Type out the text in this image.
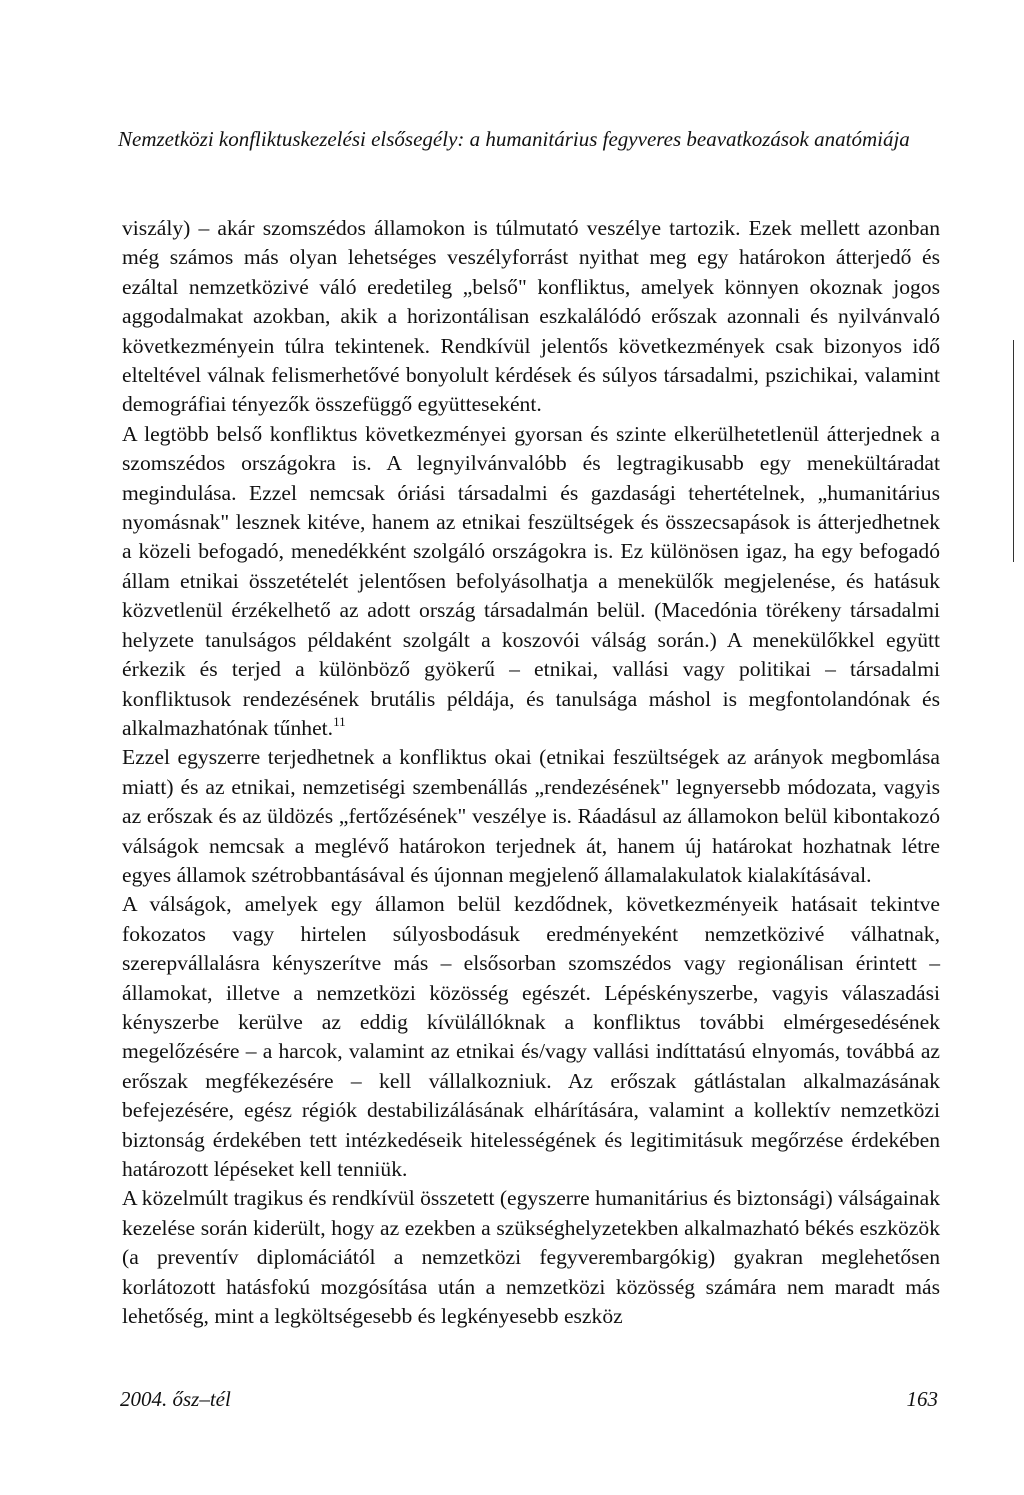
Nemzetközi konfliktuskezelési elsősegély: a humanitárius fegyveres beavatkozások anatómiája

viszály) – akár szomszédos államokon is túlmutató veszélye tartozik. Ezek mellett azonban még számos más olyan lehetséges veszélyforrást nyithat meg egy határokon átterjedő és ezáltal nemzetközivé váló eredetileg „belső" konfliktus, amelyek könnyen okoznak jogos aggodalmakat azokban, akik a horizontálisan eszkalálódó erőszak azonnali és nyilvánvaló következményein túlra tekintenek. Rendkívül jelentős következmények csak bizonyos idő elteltével válnak felismerhetővé bonyolult kérdések és súlyos társadalmi, pszichikai, valamint demográfiai tényezők összefüggő együtteseként.

A legtöbb belső konfliktus következményei gyorsan és szinte elkerülhetetlenül átterjednek a szomszédos országokra is. A legnyilvánvalóbb és legtragikusabb egy menekültáradat megindulása. Ezzel nemcsak óriási társadalmi és gazdasági tehertételnek, „humanitárius nyomásnak" lesznek kitéve, hanem az etnikai feszültségek és összecsapások is átterjedhetnek a közeli befogadó, menedékként szolgáló országokra is. Ez különösen igaz, ha egy befogadó állam etnikai összetételét jelentősen befolyásolhatja a menekülők megjelenése, és hatásuk közvetlenül érzékelhető az adott ország társadalmán belül. (Macedónia törékeny társadalmi helyzete tanulságos példaként szolgált a koszovói válság során.) A menekülőkkel együtt érkezik és terjed a különböző gyökerű – etnikai, vallási vagy politikai – társadalmi konfliktusok rendezésének brutális példája, és tanulsága máshol is megfontolandónak és alkalmazhatónak tűnhet.$^{11}$

Ezzel egyszerre terjedhetnek a konfliktus okai (etnikai feszültségek az arányok megbomlása miatt) és az etnikai, nemzetiségi szembenállás „rendezésének" legnyersebb módozata, vagyis az erőszak és az üldözés „fertőzésének" veszélye is. Ráadásul az államokon belül kibontakozó válságok nemcsak a meglévő határokon terjednek át, hanem új határokat hozhatnak létre egyes államok szétrobbantásával és újonnan megjelenő államalakulatok kialakításával.

A válságok, amelyek egy államon belül kezdődnek, következményeik hatásait tekintve fokozatos vagy hirtelen súlyosbodásuk eredményeként nemzetközivé válhatnak, szerepvállalásra kényszerítve más – elsősorban szomszédos vagy regionálisan érintett – államokat, illetve a nemzetközi közösség egészét. Lépéskényszerbe, vagyis válaszadási kényszerbe kerülve az eddig kívülállóknak a konfliktus további elmérgesedésének megelőzésére – a harcok, valamint az etnikai és/vagy vallási indíttatású elnyomás, továbbá az erőszak megfékezésére – kell vállalkozniuk. Az erőszak gátlástalan alkalmazásának befejezésére, egész régiók destabilizálásának elhárítására, valamint a kollektív nemzetközi biztonság érdekében tett intézkedéseik hitelességének és legitimitásuk megőrzése érdekében határozott lépéseket kell tenniük.

A közelmúlt tragikus és rendkívül összetett (egyszerre humanitárius és biztonsági) válságainak kezelése során kiderült, hogy az ezekben a szükséghelyzetekben alkalmazható békés eszközök (a preventív diplomáciától a nemzetközi fegyverembargókig) gyakran meglehetősen korlátozott hatásfokú mozgósítása után a nemzetközi közösség számára nem maradt más lehetőség, mint a legköltségesebb és legkényesebb eszköz

2004. ősz–tél	163
